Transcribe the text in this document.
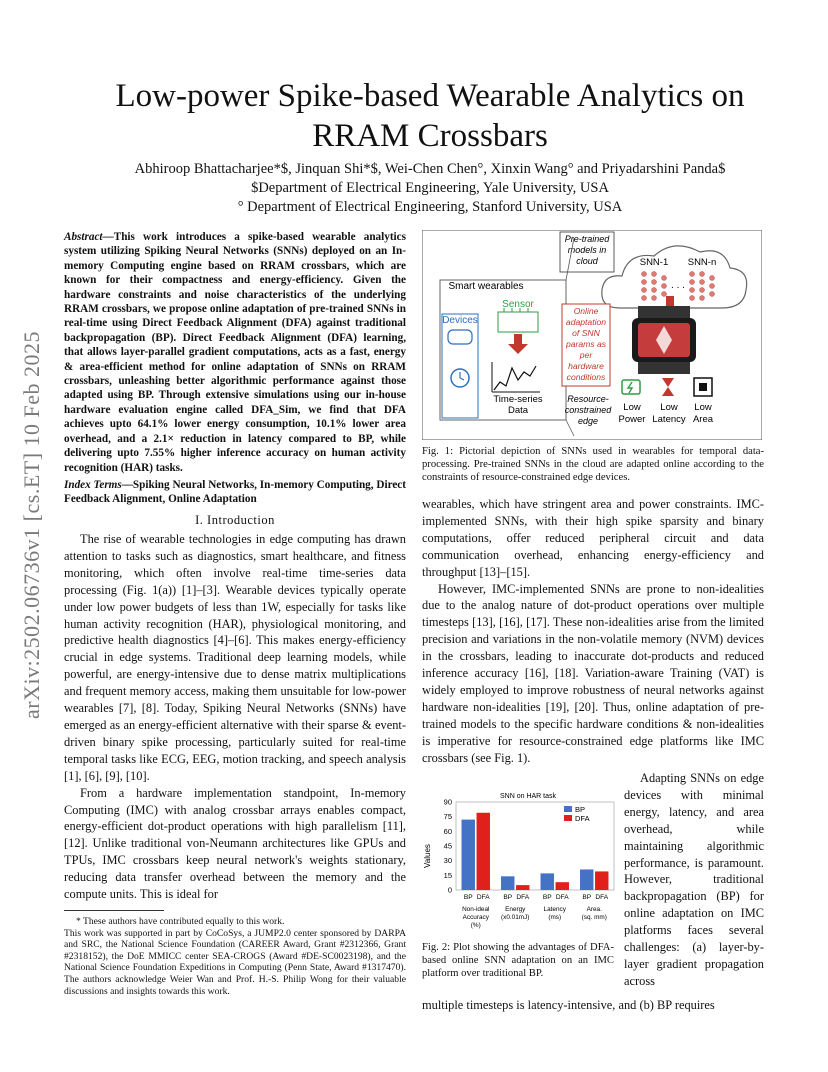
arXiv:2502.06736v1 [cs.ET] 10 Feb 2025
Low-power Spike-based Wearable Analytics on
RRAM Crossbars
Abhiroop Bhattacharjee*$, Jinquan Shi*$, Wei-Chen Chen°, Xinxin Wang° and Priyadarshini Panda$
$Department of Electrical Engineering, Yale University, USA
° Department of Electrical Engineering, Stanford University, USA
Abstract—This work introduces a spike-based wearable analytics system utilizing Spiking Neural Networks (SNNs) deployed on an In-memory Computing engine based on RRAM crossbars, which are known for their compactness and energy-efficiency. Given the hardware constraints and noise characteristics of the underlying RRAM crossbars, we propose online adaptation of pre-trained SNNs in real-time using Direct Feedback Alignment (DFA) against traditional backpropagation (BP). Direct Feedback Alignment (DFA) learning, that allows layer-parallel gradient computations, acts as a fast, energy & area-efficient method for online adaptation of SNNs on RRAM crossbars, unleashing better algorithmic performance against those adapted using BP. Through extensive simulations using our in-house hardware evaluation engine called DFA_Sim, we find that DFA achieves upto 64.1% lower energy consumption, 10.1% lower area overhead, and a 2.1× reduction in latency compared to BP, while delivering upto 7.55% higher inference accuracy on human activity recognition (HAR) tasks.
Index Terms—Spiking Neural Networks, In-memory Computing, Direct Feedback Alignment, Online Adaptation
I. Introduction

The rise of wearable technologies in edge computing has drawn attention to tasks such as diagnostics, smart healthcare, and fitness monitoring, which often involve real-time time-series data processing (Fig. 1(a)) [1]–[3]. Wearable devices typically operate under low power budgets of less than 1W, especially for tasks like human activity recognition (HAR), physiological monitoring, and predictive health diagnostics [4]–[6]. This makes energy-efficiency crucial in edge systems. Traditional deep learning models, while powerful, are energy-intensive due to dense matrix multiplications and frequent memory access, making them unsuitable for low-power wearables [7], [8]. Today, Spiking Neural Networks (SNNs) have emerged as an energy-efficient alternative with their sparse & event-driven binary spike processing, particularly suited for real-time temporal tasks like ECG, EEG, motion tracking, and speech analysis [1], [6], [9], [10].

From a hardware implementation standpoint, In-memory Computing (IMC) with analog crossbar arrays enables compact, energy-efficient dot-product operations with high parallelism [11], [12]. Unlike traditional von-Neumann architectures like GPUs and TPUs, IMC crossbars keep neural network's weights stationary, reducing data transfer overhead between the memory and the compute units. This is ideal for

* These authors have contributed equally to this work.
This work was supported in part by CoCoSys, a JUMP2.0 center sponsored by DARPA and SRC, the National Science Foundation (CAREER Award, Grant #2312366, Grant #2318152), the DoE MMICC center SEA-CROGS (Award #DE-SC0023198), and the National Science Foundation Expeditions in Computing (Penn State, Award #1317470). The authors acknowledge Weier Wan and Prof. H.-S. Philip Wong for their valuable discussions and insights towards this work.
Pre-trained
models in
cloud	SNN-1 SNN-n
. . .
Smart wearables
Devices
Sensor
Time-series
Data
Online
adaptation
of SNN
params as
per
hardware
conditions
Resource-
constrained
edge
Low
Power
Low
Latency
Low
Area
Fig. 1: Pictorial depiction of SNNs used in wearables for temporal data-processing. Pre-trained SNNs in the cloud are adapted online according to the constraints of resource-constrained edge devices.

wearables, which have stringent area and power constraints. IMC-implemented SNNs, with their high spike sparsity and binary computations, offer reduced peripheral circuit and data communication overhead, enhancing energy-efficiency and throughput [13]–[15].

However, IMC-implemented SNNs are prone to non-idealities due to the analog nature of dot-product operations over multiple timesteps [13], [16], [17]. These non-idealities arise from the limited precision and variations in the non-volatile memory (NVM) devices in the crossbars, leading to inaccurate dot-products and reduced inference accuracy [16], [18]. Variation-aware Training (VAT) is widely employed to improve robustness of neural networks against hardware non-idealities [19], [20]. Thus, online adaptation of pre-trained models to the specific hardware conditions & non-idealities is imperative for resource-constrained edge platforms like IMC crossbars (see Fig. 1).

SNN on HAR task
Values
0
15
30
45
60
75
90
BP DFA
Non-ideal
Accuracy
(%)
BP DFA
Energy
(x0.01mJ)
BP DFA
Latency
(ms)
BP DFA
Area.
(sq. mm)
BP
DFA
Fig. 2: Plot showing the advantages of DFA-based online SNN adaptation on an IMC platform over traditional BP.

Adapting SNNs on edge devices with minimal energy, latency, and area overhead, while maintaining algorithmic performance, is paramount. However, traditional backpropagation (BP) for online adaptation on IMC platforms faces several challenges: (a) layer-by-layer gradient propagation across

multiple timesteps is latency-intensive, and (b) BP requires
